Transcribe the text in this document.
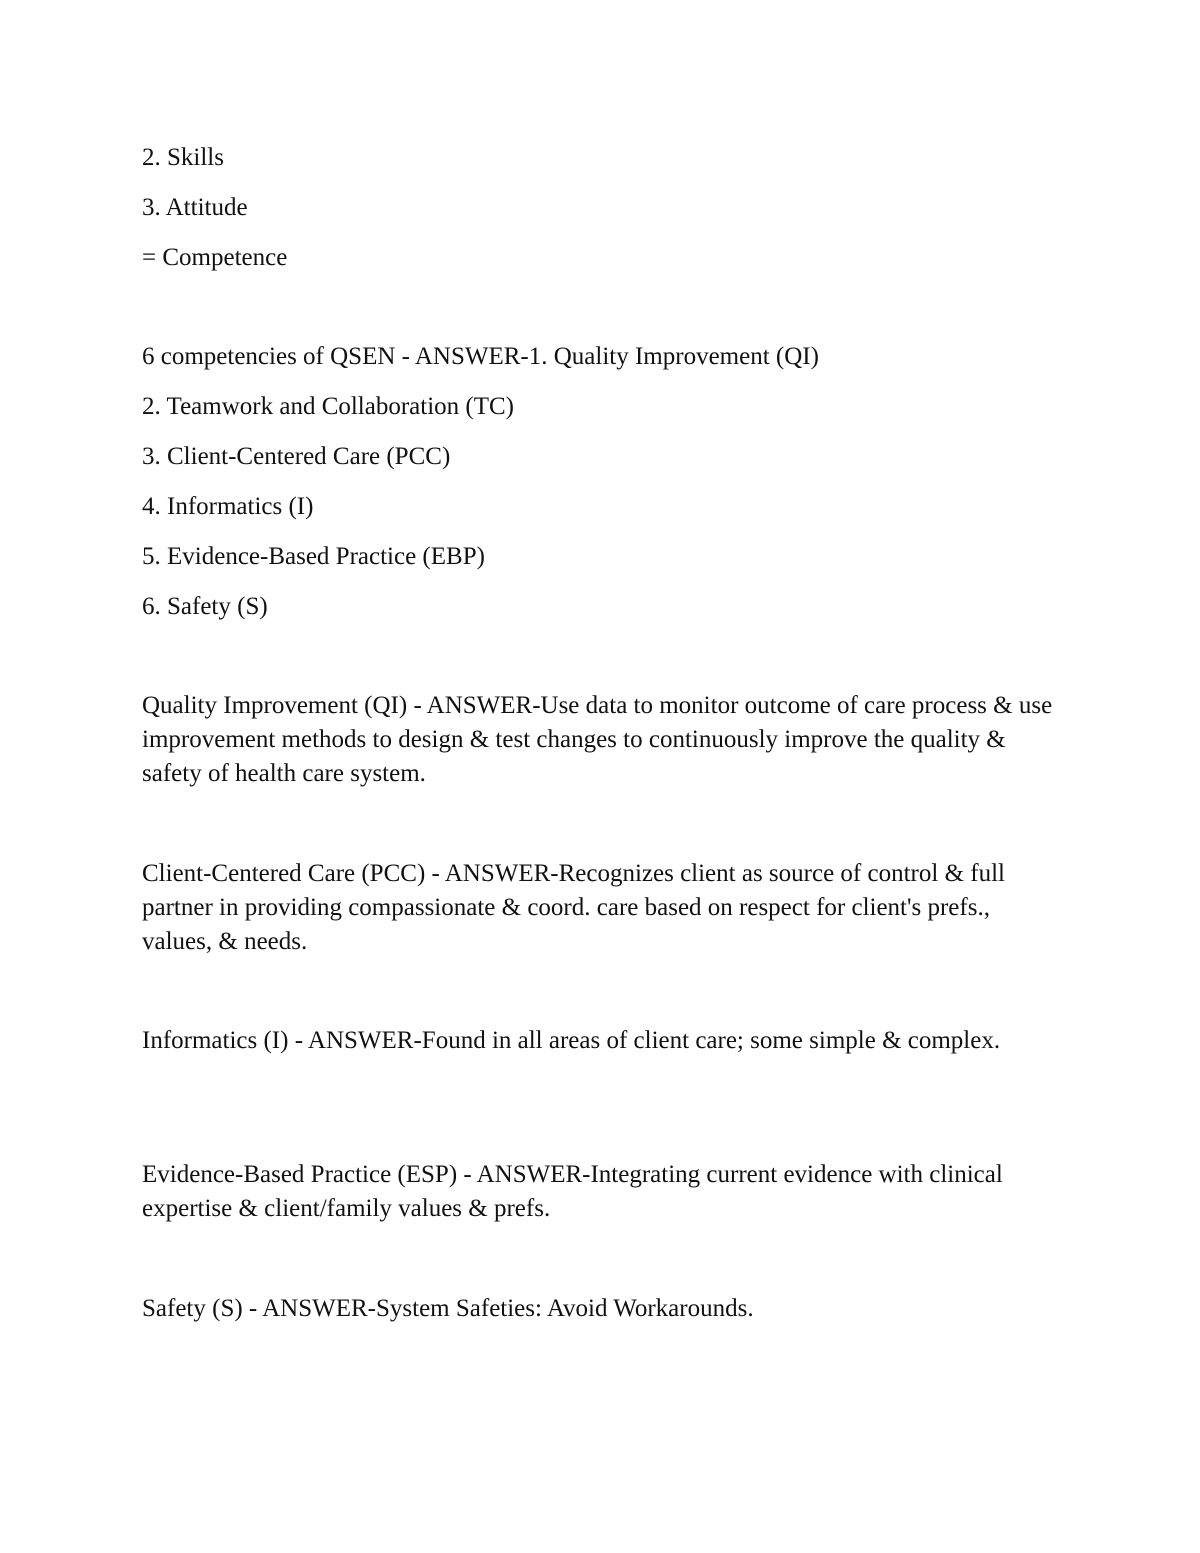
2. Skills
3. Attitude
= Competence
6 competencies of QSEN - ANSWER-1. Quality Improvement (QI)
2. Teamwork and Collaboration (TC)
3. Client-Centered Care (PCC)
4. Informatics (I)
5. Evidence-Based Practice (EBP)
6. Safety (S)

Quality Improvement (QI) - ANSWER-Use data to monitor outcome of care process & use improvement methods to design & test changes to continuously improve the quality & safety of health care system.

Client-Centered Care (PCC) - ANSWER-Recognizes client as source of control & full partner in providing compassionate & coord. care based on respect for client's prefs., values, & needs.

Informatics (I) - ANSWER-Found in all areas of client care; some simple & complex.

Evidence-Based Practice (ESP) - ANSWER-Integrating current evidence with clinical expertise & client/family values & prefs.

Safety (S) - ANSWER-System Safeties: Avoid Workarounds.
